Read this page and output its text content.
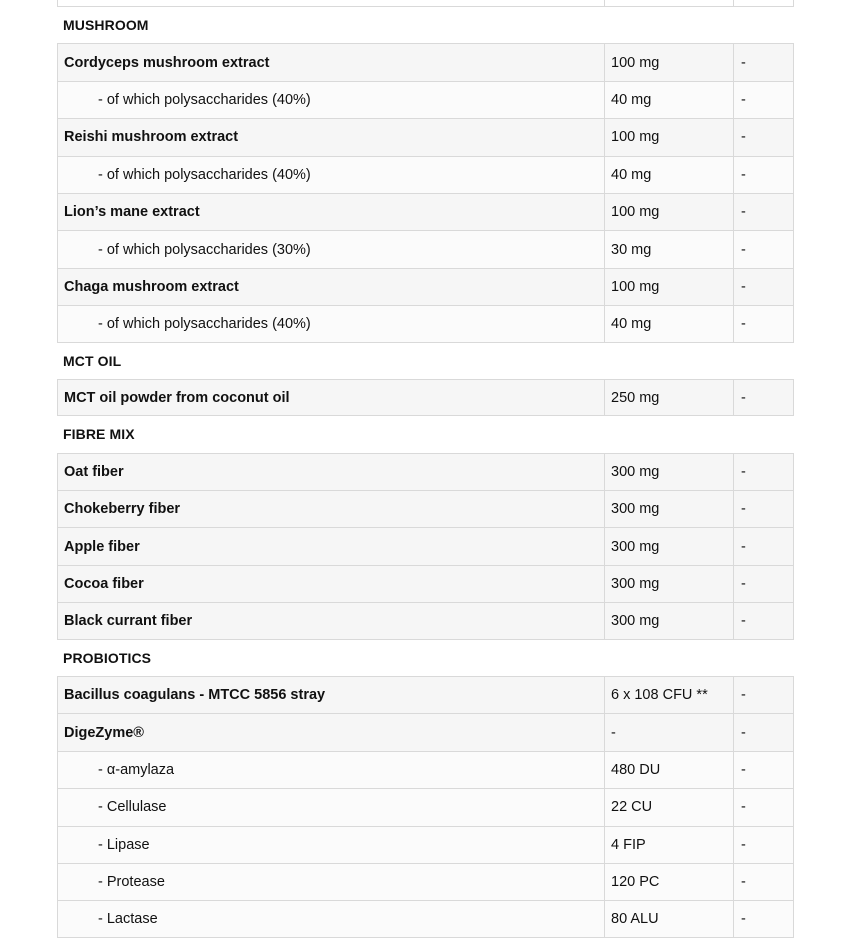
MUSHROOM
Cordyceps mushroom extract	100 mg	-
- of which polysaccharides (40%)	40 mg	-
Reishi mushroom extract	100 mg	-
- of which polysaccharides (40%)	40 mg	-
Lion’s mane extract	100 mg	-
- of which polysaccharides (30%)	30 mg	-
Chaga mushroom extract	100 mg	-
- of which polysaccharides (40%)	40 mg	-
MCT OIL
MCT oil powder from coconut oil	250 mg	-
FIBRE MIX
Oat fiber	300 mg	-
Chokeberry fiber	300 mg	-
Apple fiber	300 mg	-
Cocoa fiber	300 mg	-
Black currant fiber	300 mg	-
PROBIOTICS
Bacillus coagulans - MTCC 5856 stray	6 x 108 CFU **	-
DigeZyme®	-	-
- α-amylaza	480 DU	-
- Cellulase	22 CU	-
- Lipase	4 FIP	-
- Protease	120 PC	-
- Lactase	80 ALU	-
